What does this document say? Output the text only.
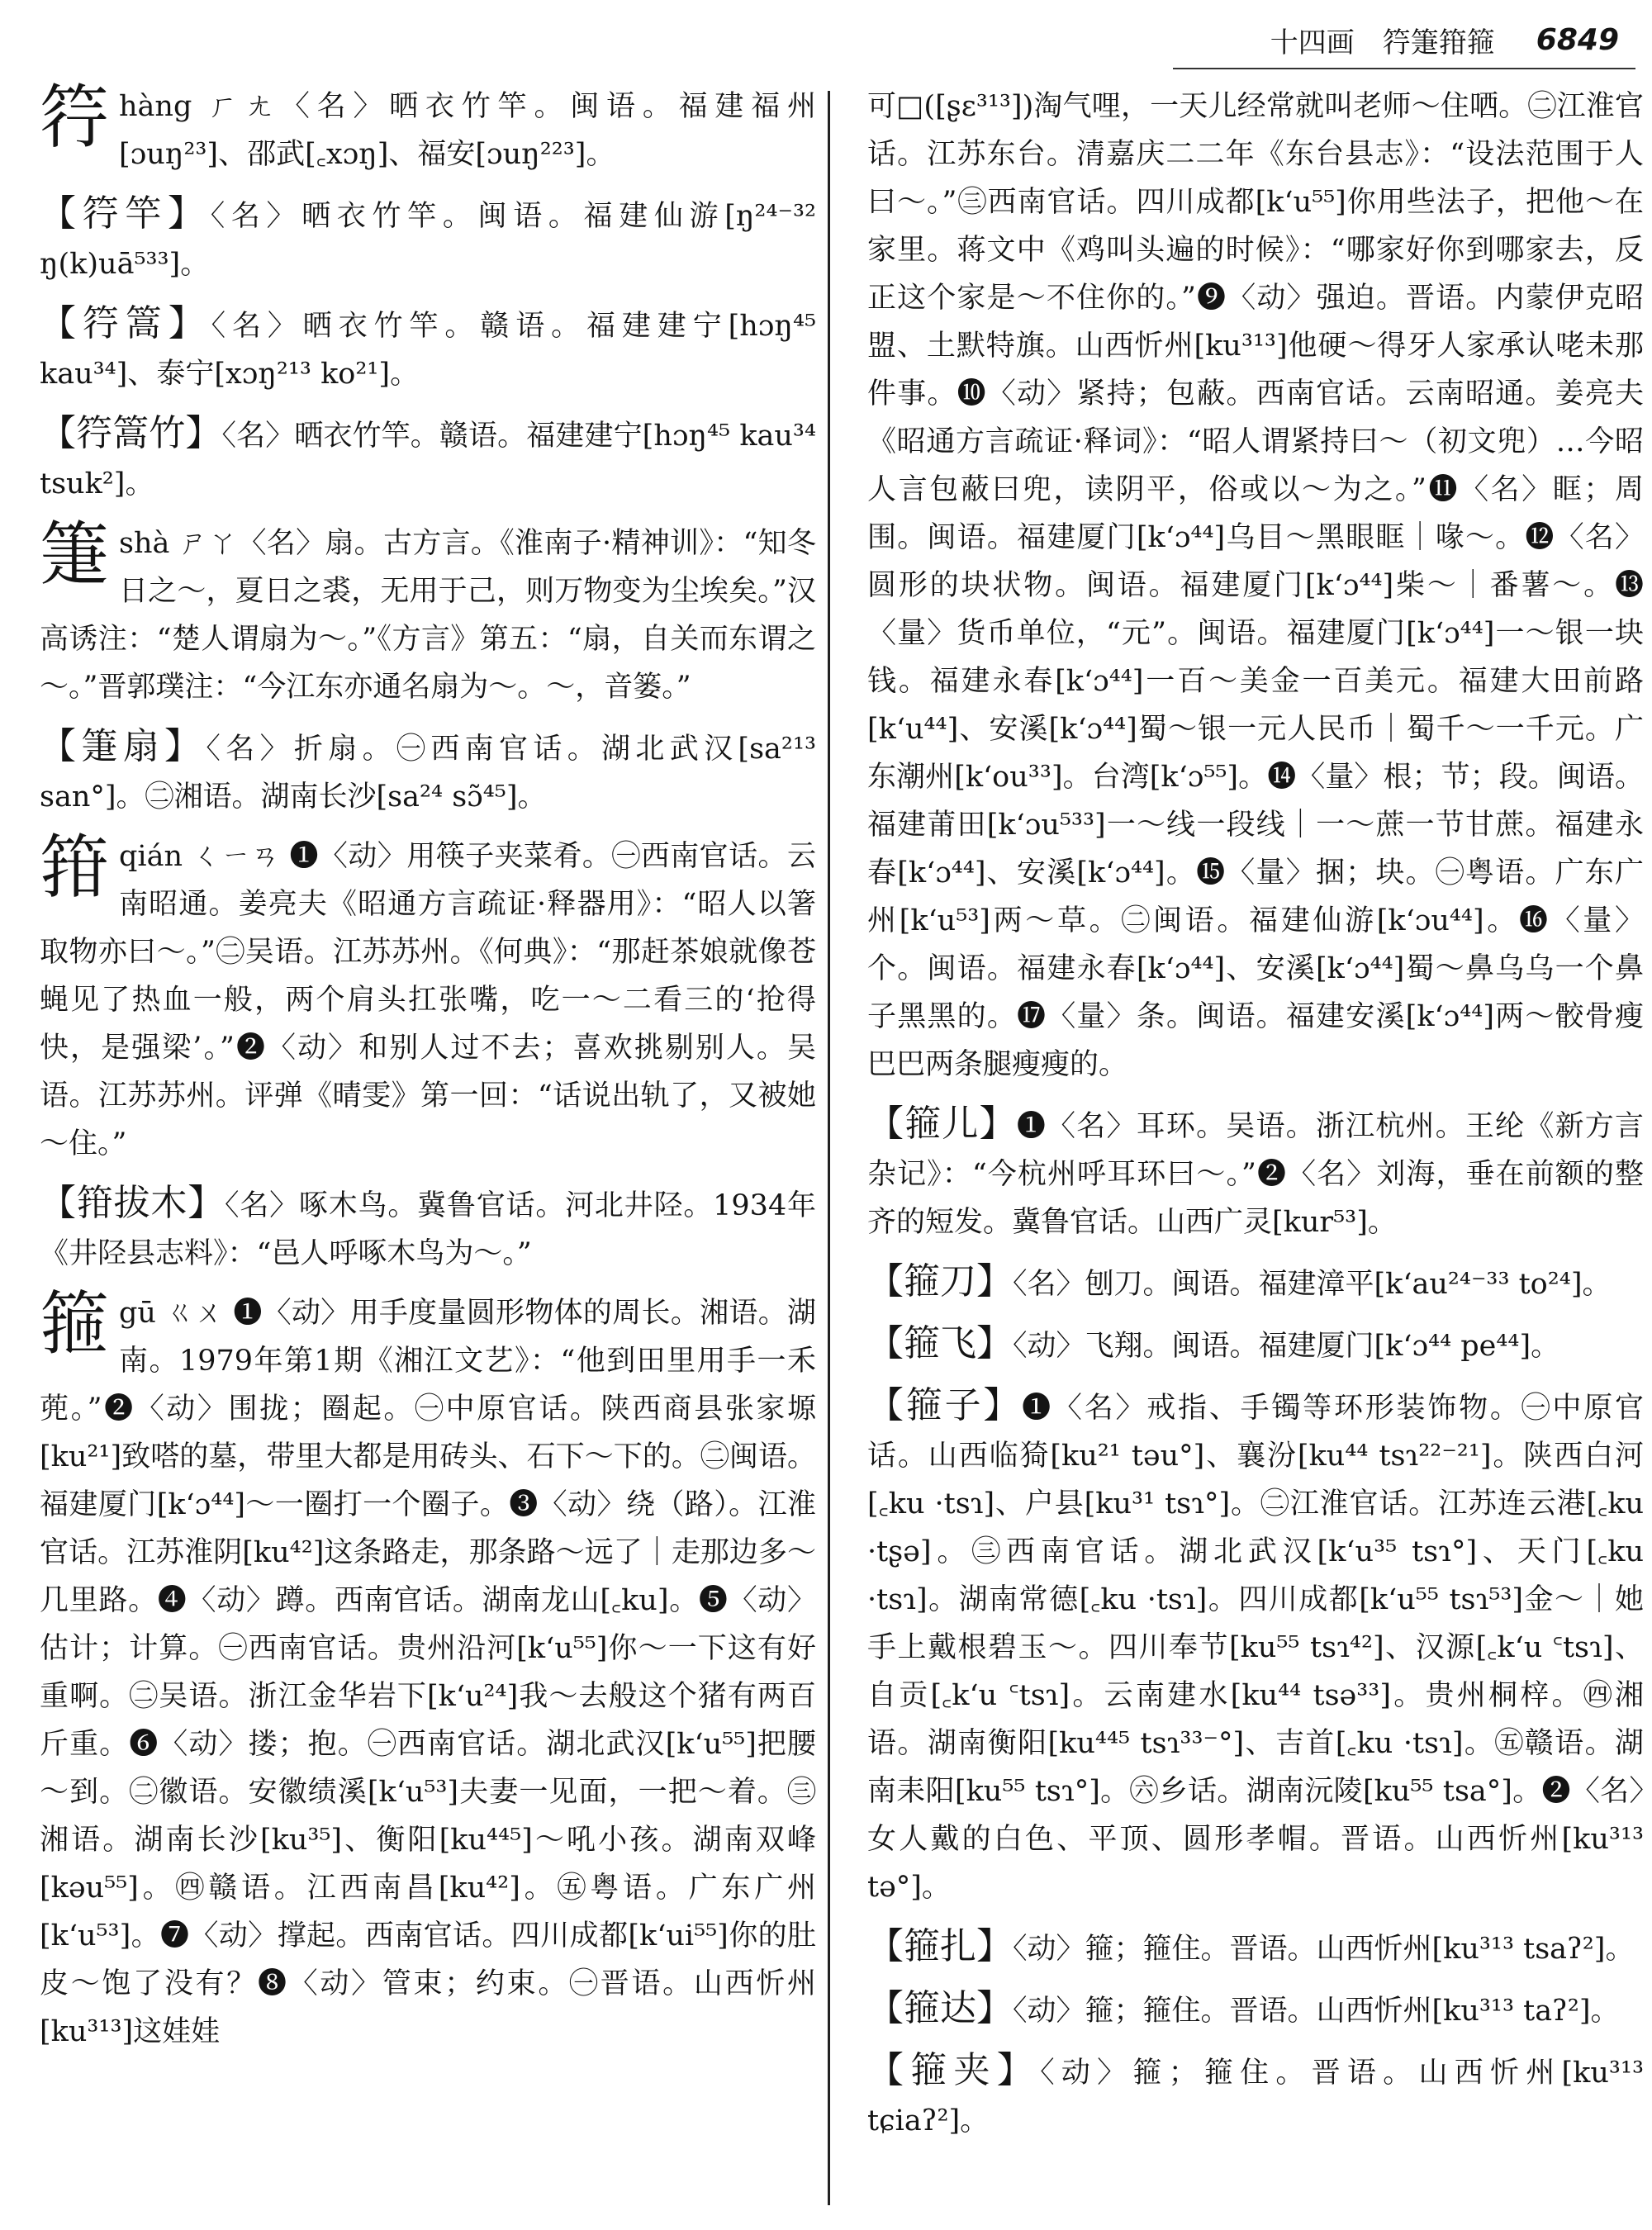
十四画　筕箑箝箍 6849

筕hàng ㄏㄤ〈名〉晒衣竹竿。闽语。福建福州[ɔuŋ²³]、邵武[꜀xɔŋ]、福安[ɔuŋ²²³]。

【筕竿】〈名〉晒衣竹竿。闽语。福建仙游[ŋ²⁴⁻³² ŋ(k)uā⁵³³]。

【筕篙】〈名〉晒衣竹竿。赣语。福建建宁[hɔŋ⁴⁵ kau³⁴]、泰宁[xɔŋ²¹³ ko²¹]。

【筕篙竹】〈名〉晒衣竹竿。赣语。福建建宁[hɔŋ⁴⁵ kau³⁴ tsuk²]。

箑shà ㄕㄚ〈名〉扇。古方言。《淮南子·精神训》：“知冬日之～，夏日之裘，无用于己，则万物变为尘埃矣。”汉高诱注：“楚人谓扇为～。”《方言》第五：“扇，自关而东谓之～。”晋郭璞注：“今江东亦通名扇为～。～，音篓。”

【箑扇】〈名〉折扇。㊀西南官话。湖北武汉[sa²¹³ san°]。㊁湘语。湖南长沙[sa²⁴ sɔ̃⁴⁵]。

箝qián ㄑㄧㄢ ❶〈动〉用筷子夹菜肴。㊀西南官话。云南昭通。姜亮夫《昭通方言疏证·释器用》：“昭人以箸取物亦曰～。”㊁吴语。江苏苏州。《何典》：“那赶茶娘就像苍蝇见了热血一般，两个肩头扛张嘴，吃一～二看三的‘抢得快，是强梁’。”❷〈动〉和别人过不去；喜欢挑剔别人。吴语。江苏苏州。评弹《晴雯》第一回：“话说出轨了，又被她～住。”

【箝拔木】〈名〉啄木鸟。冀鲁官话。河北井陉。1934年《井陉县志料》：“邑人呼啄木鸟为～。”

箍gū ㄍㄨ ❶〈动〉用手度量圆形物体的周长。湘语。湖南。1979年第1期《湘江文艺》：“他到田里用手一禾蔸。”❷〈动〉围拢；圈起。㊀中原官话。陕西商县张家塬[ku²¹]致嗒的墓，带里大都是用砖头、石下～下的。㊁闽语。福建厦门[k‘ɔ⁴⁴]～一圈打一个圈子。❸〈动〉绕（路）。江淮官话。江苏淮阴[ku⁴²]这条路走，那条路～远了｜走那边多～几里路。❹〈动〉蹲。西南官话。湖南龙山[꜀ku]。❺〈动〉估计；计算。㊀西南官话。贵州沿河[k‘u⁵⁵]你～一下这有好重啊。㊁吴语。浙江金华岩下[k‘u²⁴]我～去般这个猪有两百斤重。❻〈动〉搂；抱。㊀西南官话。湖北武汉[k‘u⁵⁵]把腰～到。㊁徽语。安徽绩溪[k‘u⁵³]夫妻一见面，一把～着。㊂湘语。湖南长沙[ku³⁵]、衡阳[ku⁴⁴⁵]～吼小孩。湖南双峰[kəu⁵⁵]。㊃赣语。江西南昌[ku⁴²]。㊄粤语。广东广州[k‘u⁵³]。❼〈动〉撑起。西南官话。四川成都[k‘ui⁵⁵]你的肚皮～饱了没有？❽〈动〉管束；约束。㊀晋语。山西忻州[ku³¹³]这娃娃

可□([ʂɛ³¹³])淘气哩，一天儿经常就叫老师～住哂。㊁江淮官话。江苏东台。清嘉庆二二年《东台县志》：“设法范围于人曰～。”㊂西南官话。四川成都[k‘u⁵⁵]你用些法子，把他～在家里。蒋文中《鸡叫头遍的时候》：“哪家好你到哪家去，反正这个家是～不住你的。”❾〈动〉强迫。晋语。内蒙伊克昭盟、土默特旗。山西忻州[ku³¹³]他硬～得牙人家承认咾未那件事。❿〈动〉紧持；包蔽。西南官话。云南昭通。姜亮夫《昭通方言疏证·释词》：“昭人谓紧持曰～（初文兜）…今昭人言包蔽曰兜，读阴平，俗或以～为之。”⓫〈名〉眶；周围。闽语。福建厦门[k‘ɔ⁴⁴]乌目～黑眼眶｜喙～。⓬〈名〉圆形的块状物。闽语。福建厦门[k‘ɔ⁴⁴]柴～｜番薯～。⓭〈量〉货币单位，“元”。闽语。福建厦门[k‘ɔ⁴⁴]一～银一块钱。福建永春[k‘ɔ⁴⁴]一百～美金一百美元。福建大田前路[k‘u⁴⁴]、安溪[k‘ɔ⁴⁴]蜀～银一元人民币｜蜀千～一千元。广东潮州[k‘ou³³]。台湾[k‘ɔ⁵⁵]。⓮〈量〉根；节；段。闽语。福建莆田[k‘ɔu⁵³³]一～线一段线｜一～蔗一节甘蔗。福建永春[k‘ɔ⁴⁴]、安溪[k‘ɔ⁴⁴]。⓯〈量〉捆；块。㊀粤语。广东广州[k‘u⁵³]两～草。㊁闽语。福建仙游[k‘ɔu⁴⁴]。⓰〈量〉个。闽语。福建永春[k‘ɔ⁴⁴]、安溪[k‘ɔ⁴⁴]蜀～鼻乌乌一个鼻子黑黑的。⓱〈量〉条。闽语。福建安溪[k‘ɔ⁴⁴]两～骹骨瘦巴巴两条腿瘦瘦的。

【箍儿】❶〈名〉耳环。吴语。浙江杭州。王纶《新方言杂记》：“今杭州呼耳环曰～。”❷〈名〉刘海，垂在前额的整齐的短发。冀鲁官话。山西广灵[kur⁵³]。

【箍刀】〈名〉刨刀。闽语。福建漳平[k‘au²⁴⁻³³ to²⁴]。

【箍飞】〈动〉飞翔。闽语。福建厦门[k‘ɔ⁴⁴ pe⁴⁴]。

【箍子】❶〈名〉戒指、手镯等环形装饰物。㊀中原官话。山西临猗[ku²¹ təu°]、襄汾[ku⁴⁴ tsɿ²²⁻²¹]。陕西白河[꜀ku ·tsɿ]、户县[ku³¹ tsɿ°]。㊁江淮官话。江苏连云港[꜀ku ·tʂə]。㊂西南官话。湖北武汉[k‘u³⁵ tsɿ°]、天门[꜀ku ·tsɿ]。湖南常德[꜀ku ·tsɿ]。四川成都[k‘u⁵⁵ tsɿ⁵³]金～｜她手上戴根碧玉～。四川奉节[ku⁵⁵ tsɿ⁴²]、汉源[꜀k‘u ꜂tsɿ]、自贡[꜀k‘u ꜂tsɿ]。云南建水[ku⁴⁴ tsə³³]。贵州桐梓。㊃湘语。湖南衡阳[ku⁴⁴⁵ tsɿ³³⁻°]、吉首[꜀ku ·tsɿ]。㊄赣语。湖南耒阳[ku⁵⁵ tsɿ°]。㊅乡话。湖南沅陵[ku⁵⁵ tsa°]。❷〈名〉女人戴的白色、平顶、圆形孝帽。晋语。山西忻州[ku³¹³ tə°]。

【箍扎】〈动〉箍；箍住。晋语。山西忻州[ku³¹³ tsaʔ²]。

【箍达】〈动〉箍；箍住。晋语。山西忻州[ku³¹³ taʔ²]。

【箍夹】〈动〉箍；箍住。晋语。山西忻州[ku³¹³ tɕiaʔ²]。
